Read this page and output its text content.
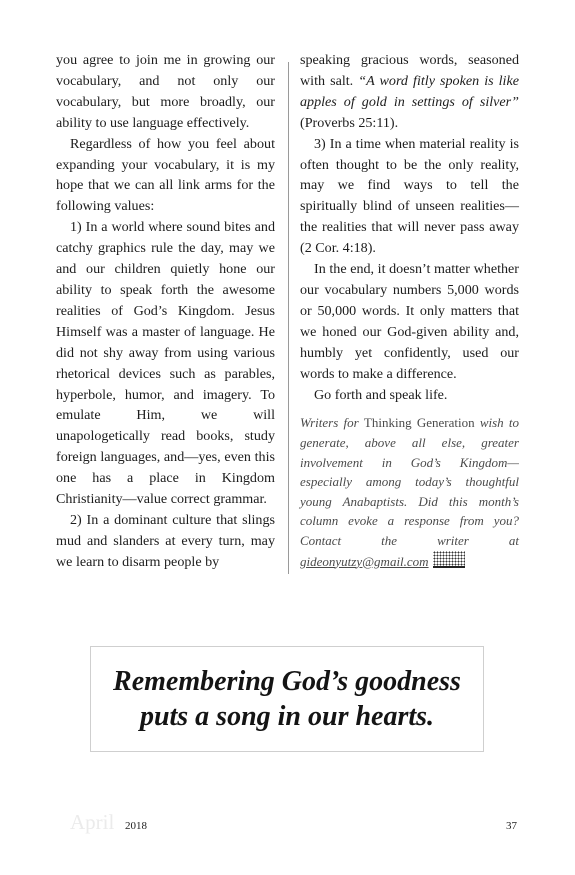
you agree to join me in growing our vocabulary, and not only our vocabulary, but more broadly, our ability to use language effectively.

Regardless of how you feel about expanding your vocabulary, it is my hope that we can all link arms for the following values:

1) In a world where sound bites and catchy graphics rule the day, may we and our children quietly hone our ability to speak forth the awesome realities of God’s Kingdom. Jesus Himself was a master of language. He did not shy away from using various rhetorical devices such as parables, hyperbole, humor, and imagery. To emulate Him, we will unapologetically read books, study foreign languages, and—yes, even this one has a place in Kingdom Christianity—value correct grammar.

2) In a dominant culture that slings mud and slanders at every turn, may we learn to disarm people by

speaking gracious words, seasoned with salt. “A word fitly spoken is like apples of gold in settings of silver” (Proverbs 25:11).

3) In a time when material reality is often thought to be the only reality, may we find ways to tell the spiritually blind of unseen realities—the realities that will never pass away (2 Cor. 4:18).

In the end, it doesn’t matter whether our vocabulary numbers 5,000 words or 50,000 words. It only matters that we honed our God-given ability and, humbly yet confidently, used our words to make a difference.

Go forth and speak life.

Writers for Thinking Generation wish to generate, above all else, greater involvement in God’s Kingdom—especially among today’s thoughtful young Anabaptists. Did this month’s column evoke a response from you? Contact the writer at gideonyutzy@gmail.com
Remembering God’s goodness
puts a song in our hearts.
April 2018	37
